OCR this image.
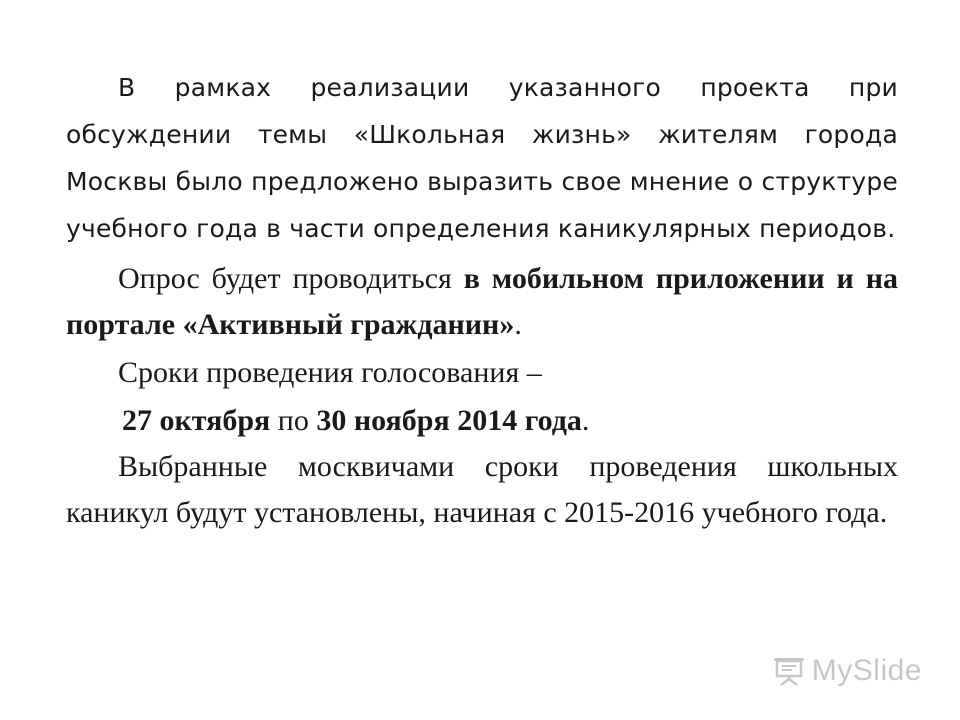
В рамках реализации указанного проекта при обсуждении темы «Школьная жизнь» жителям города Москвы было предложено выразить свое мнение о структуре учебного года в части определения каникулярных периодов.

Опрос будет проводиться в мобильном приложении и на портале «Активный гражданин».

Сроки проведения голосования –

27 октября по 30 ноября 2014 года.

Выбранные москвичами сроки проведения школьных каникул будут установлены, начиная с 2015-2016 учебного года.

MySlide
